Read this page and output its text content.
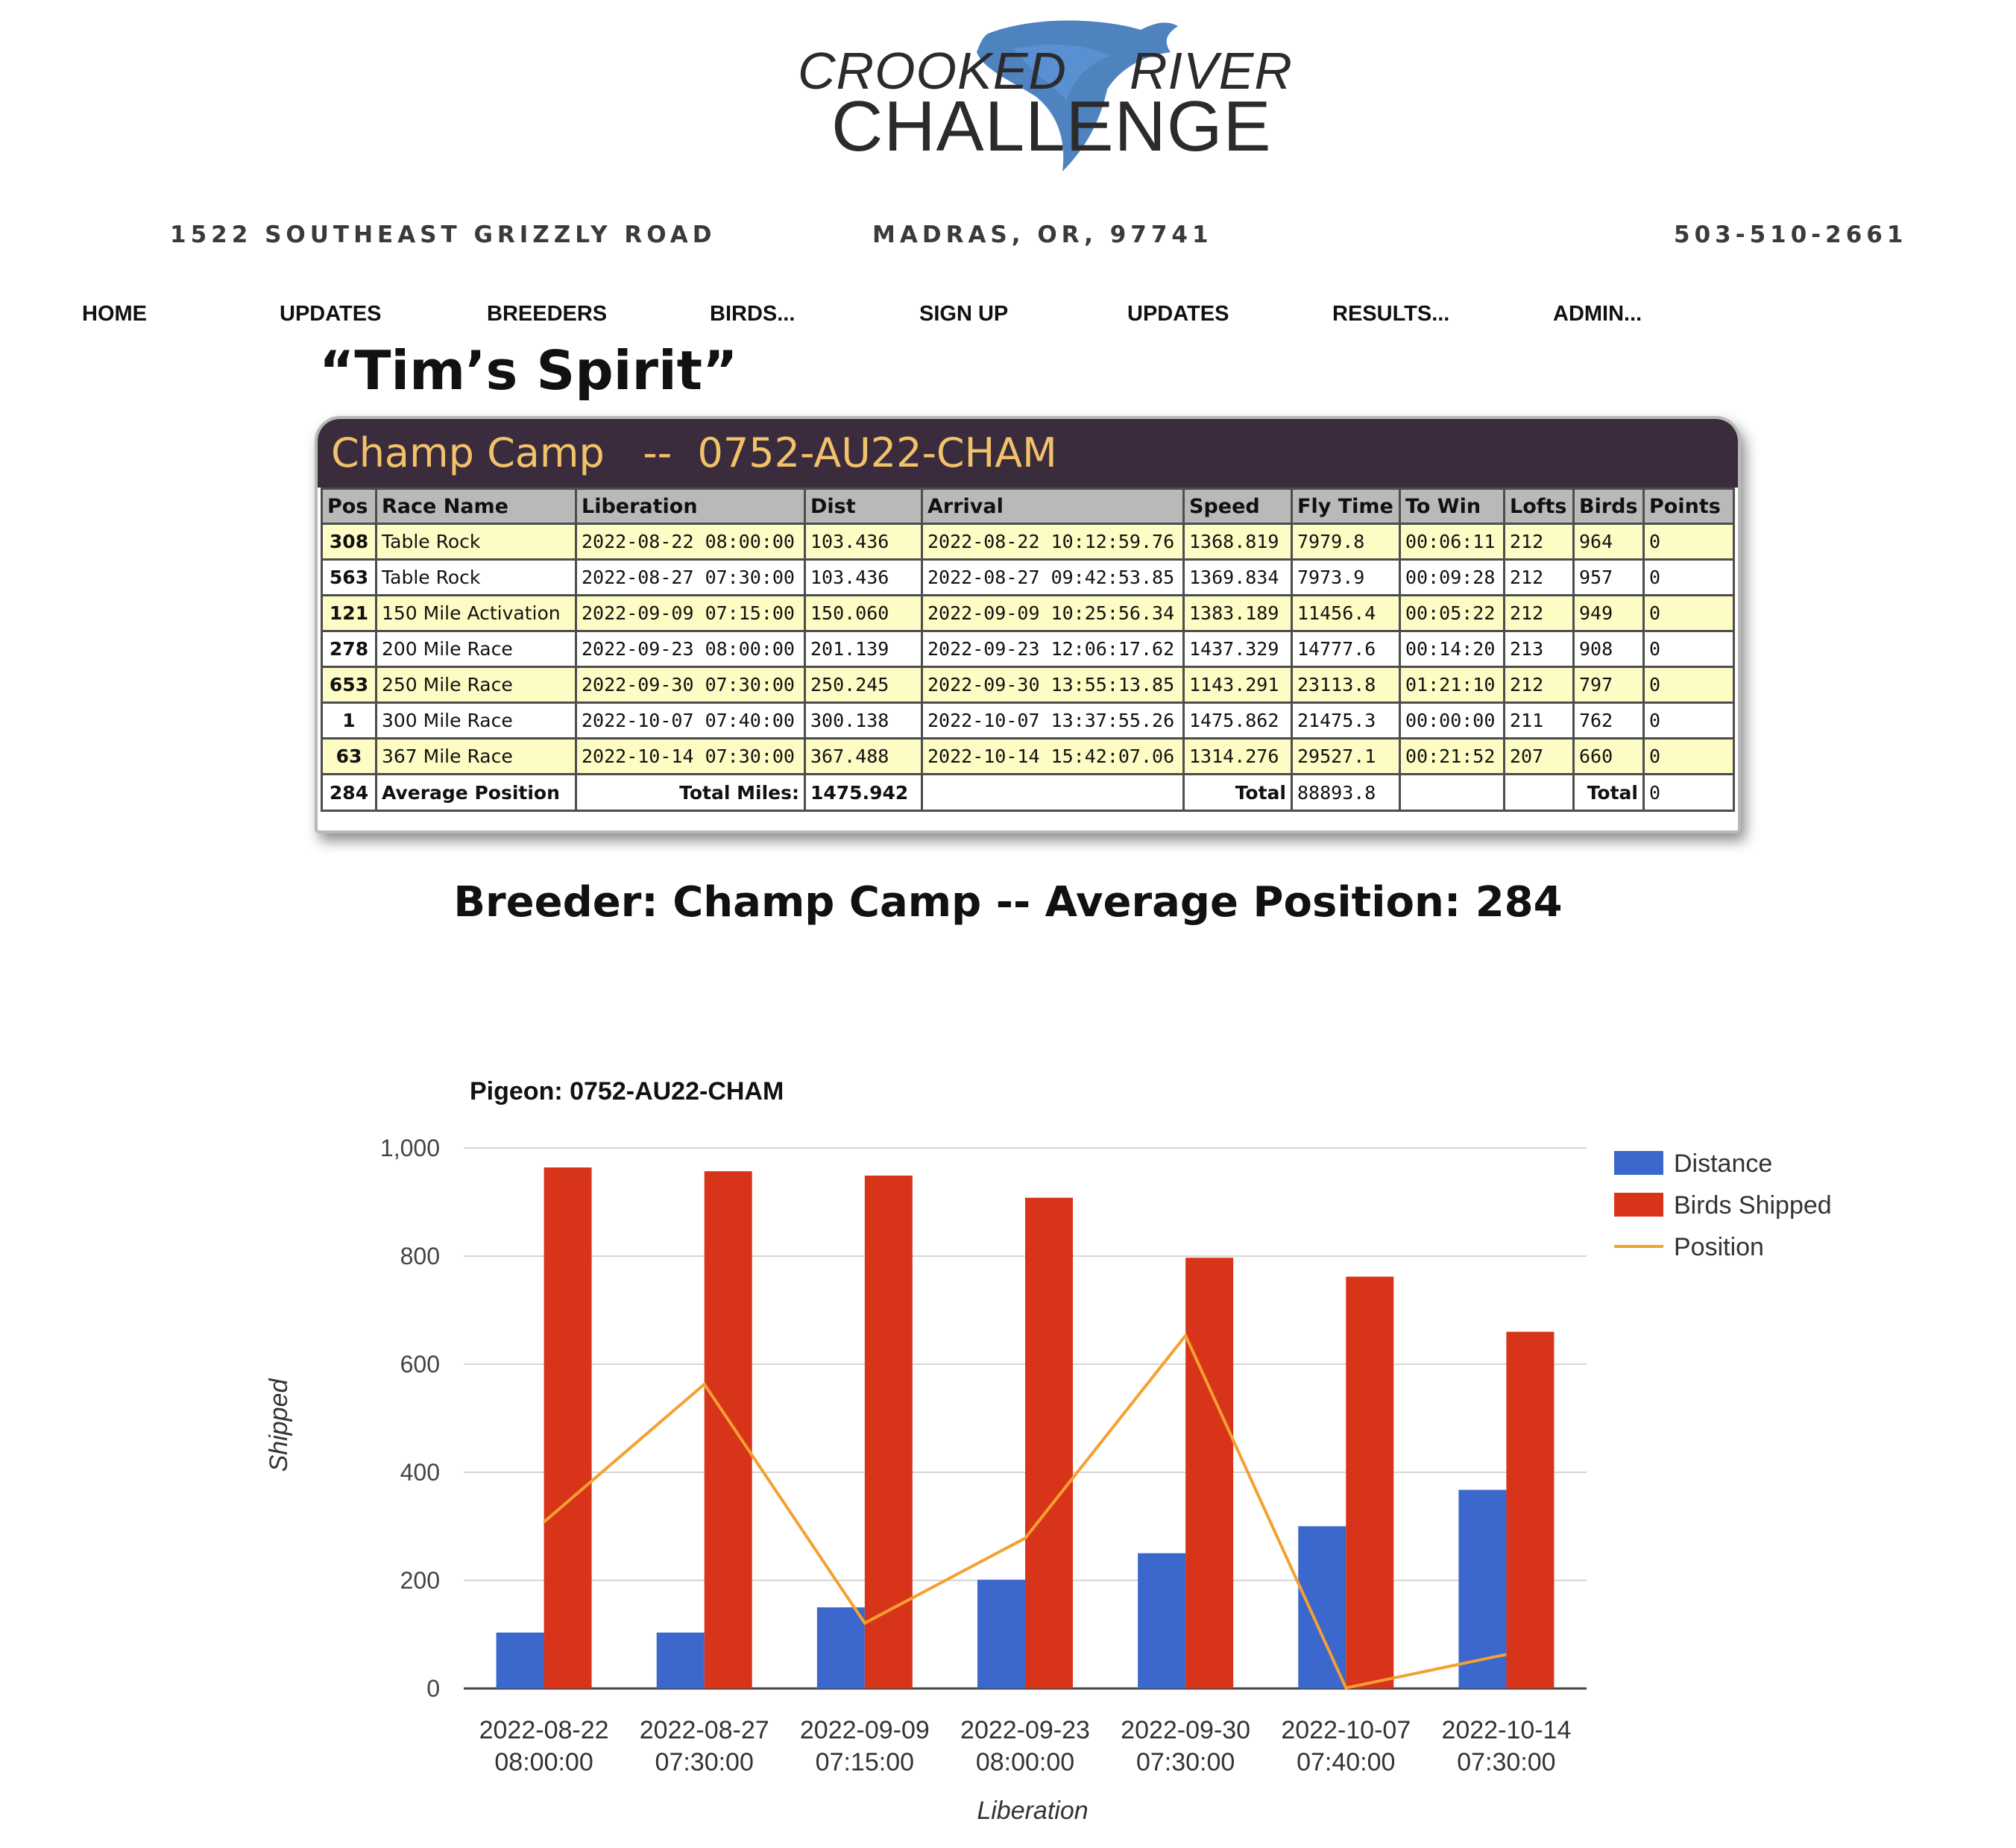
CROOKED RIVER
CHALLENGE
1522 SOUTHEAST GRIZZLY ROAD	MADRAS, OR, 97741	503-510-2661
HOME	UPDATES	BREEDERS	BIRDS...	SIGN UP	UPDATES	RESULTS...	ADMIN...
“Tim’s Spirit”
Champ Camp   --  0752-AU22-CHAM
Pos	Race Name	Liberation	Dist	Arrival	Speed	Fly Time	To Win	Lofts	Birds	Points
308	Table Rock	2022-08-22 08:00:00	103.436	2022-08-22 10:12:59.76	1368.819	7979.8	00:06:11	212	964	0
563	Table Rock	2022-08-27 07:30:00	103.436	2022-08-27 09:42:53.85	1369.834	7973.9	00:09:28	212	957	0
121	150 Mile Activation	2022-09-09 07:15:00	150.060	2022-09-09 10:25:56.34	1383.189	11456.4	00:05:22	212	949	0
278	200 Mile Race	2022-09-23 08:00:00	201.139	2022-09-23 12:06:17.62	1437.329	14777.6	00:14:20	213	908	0
653	250 Mile Race	2022-09-30 07:30:00	250.245	2022-09-30 13:55:13.85	1143.291	23113.8	01:21:10	212	797	0
1	300 Mile Race	2022-10-07 07:40:00	300.138	2022-10-07 13:37:55.26	1475.862	21475.3	00:00:00	211	762	0
63	367 Mile Race	2022-10-14 07:30:00	367.488	2022-10-14 15:42:07.06	1314.276	29527.1	00:21:52	207	660	0
284	Average Position	Total Miles:	1475.942		Total	88893.8			Total	0
Breeder: Champ Camp -- Average Position: 284
Pigeon: 0752-AU22-CHAM
Liberation
Shipped
0
200
400
600
800
1,000
2022-08-22
08:00:00
2022-08-27
07:30:00
2022-09-09
07:15:00
2022-09-23
08:00:00
2022-09-30
07:30:00
2022-10-07
07:40:00
2022-10-14
07:30:00
Distance
Birds Shipped
Position
